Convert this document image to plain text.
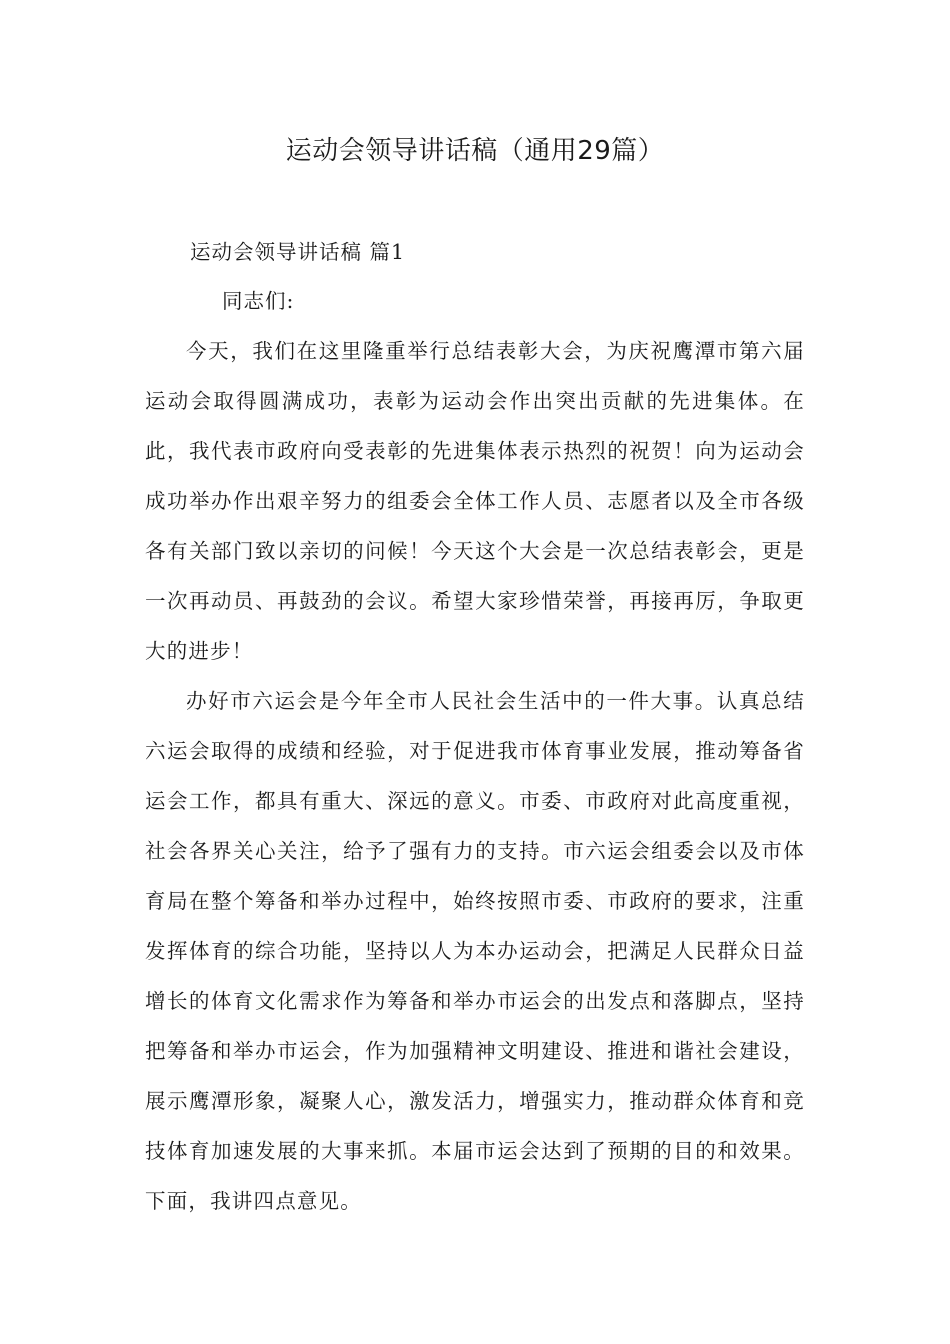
运动会领导讲话稿（通用29篇）
运动会领导讲话稿 篇1

同志们:

今天，我们在这里隆重举行总结表彰大会，为庆祝鹰潭市第六届运动会取得圆满成功，表彰为运动会作出突出贡献的先进集体。在此，我代表市政府向受表彰的先进集体表示热烈的祝贺！向为运动会成功举办作出艰辛努力的组委会全体工作人员、志愿者以及全市各级各有关部门致以亲切的问候！今天这个大会是一次总结表彰会，更是一次再动员、再鼓劲的会议。希望大家珍惜荣誉，再接再厉，争取更大的进步！

办好市六运会是今年全市人民社会生活中的一件大事。认真总结六运会取得的成绩和经验，对于促进我市体育事业发展，推动筹备省运会工作，都具有重大、深远的意义。市委、市政府对此高度重视，社会各界关心关注，给予了强有力的支持。市六运会组委会以及市体育局在整个筹备和举办过程中，始终按照市委、市政府的要求，注重发挥体育的综合功能，坚持以人为本办运动会，把满足人民群众日益增长的体育文化需求作为筹备和举办市运会的出发点和落脚点，坚持把筹备和举办市运会，作为加强精神文明建设、推进和谐社会建设，展示鹰潭形象，凝聚人心，激发活力，增强实力，推动群众体育和竞技体育加速发展的大事来抓。本届市运会达到了预期的目的和效果。下面，我讲四点意见。
